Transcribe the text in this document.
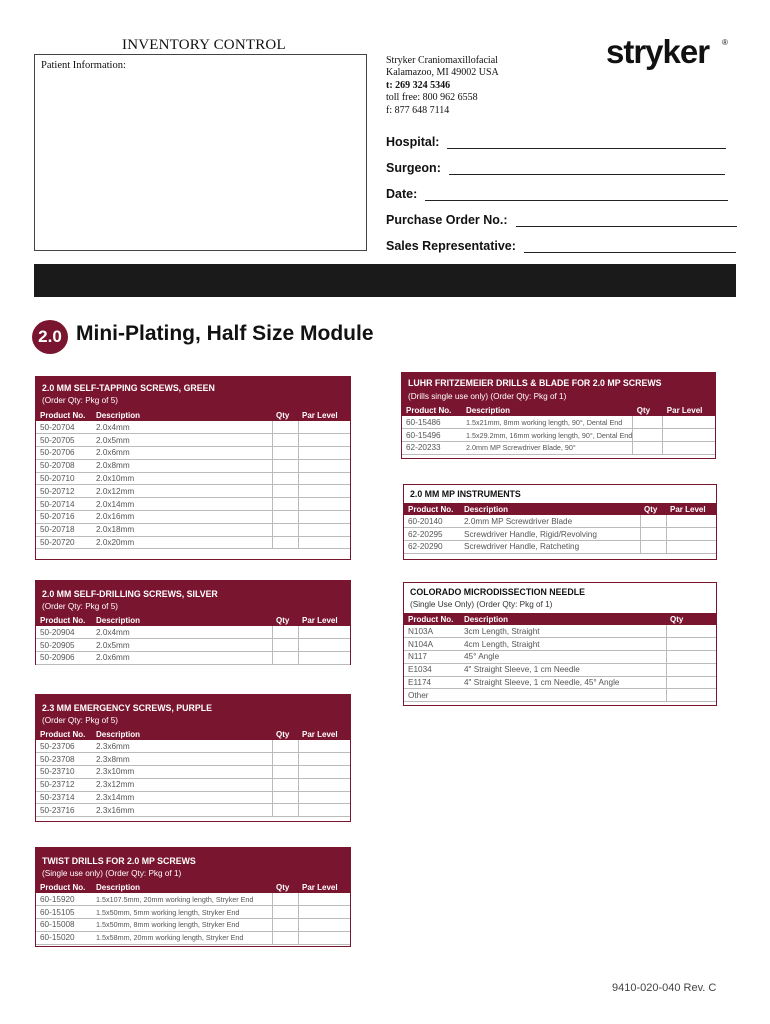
INVENTORY CONTROL
Patient Information:	Stryker Craniomaxillofacial
Kalamazoo, MI 49002 USA
t: 269 324 5346
toll free: 800 962 6558
f: 877 648 7114
stryker ®
Hospital:
Surgeon:
Date:
Purchase Order No.:
Sales Representative:
2.0 Mini-Plating, Half Size Module
2.0 MM SELF-TAPPING SCREWS, GREEN
(Order Qty: Pkg of 5)
Product No.	Description	Qty	Par Level
50-20704	2.0x4mm		
50-20705	2.0x5mm		
50-20706	2.0x6mm		
50-20708	2.0x8mm		
50-20710	2.0x10mm		
50-20712	2.0x12mm		
50-20714	2.0x14mm		
50-20716	2.0x16mm		
50-20718	2.0x18mm		
50-20720	2.0x20mm		
2.0 MM SELF-DRILLING SCREWS, SILVER
(Order Qty: Pkg of 5)
Product No.	Description	Qty	Par Level
50-20904	2.0x4mm		
50-20905	2.0x5mm		
50-20906	2.0x6mm		
2.3 MM EMERGENCY SCREWS, PURPLE
(Order Qty: Pkg of 5)
Product No.	Description	Qty	Par Level
50-23706	2.3x6mm		
50-23708	2.3x8mm		
50-23710	2.3x10mm		
50-23712	2.3x12mm		
50-23714	2.3x14mm		
50-23716	2.3x16mm		
TWIST DRILLS FOR 2.0 MP SCREWS
(Single use only) (Order Qty: Pkg of 1)
Product No.	Description	Qty	Par Level
60-15920	1.5x107.5mm, 20mm working length, Stryker End		
60-15105	1.5x50mm, 5mm working length, Stryker End		
60-15008	1.5x50mm, 8mm working length, Stryker End		
60-15020	1.5x58mm, 20mm working length, Stryker End		
LUHR FRITZEMEIER DRILLS & BLADE FOR 2.0 MP SCREWS
(Drills single use only) (Order Qty: Pkg of 1)
Product No.	Description	Qty	Par Level
60-15486	1.5x21mm, 8mm working length, 90°, Dental End		
60-15496	1.5x29.2mm, 16mm working length, 90°, Dental End		
62-20233	2.0mm MP Screwdriver Blade, 90°		
2.0 MM MP INSTRUMENTS
Product No.	Description	Qty	Par Level
60-20140	2.0mm MP Screwdriver Blade		
62-20295	Screwdriver Handle, Rigid/Revolving		
62-20290	Screwdriver Handle, Ratcheting		
COLORADO MICRODISSECTION NEEDLE
(Single Use Only) (Order Qty: Pkg of 1)
Product No.	Description	Qty
N103A	3cm Length, Straight	
N104A	4cm Length, Straight	
N117	45° Angle	
E1034	4" Straight Sleeve, 1 cm Needle	
E1174	4" Straight Sleeve, 1 cm Needle, 45° Angle	
Other		
9410-020-040 Rev. C
